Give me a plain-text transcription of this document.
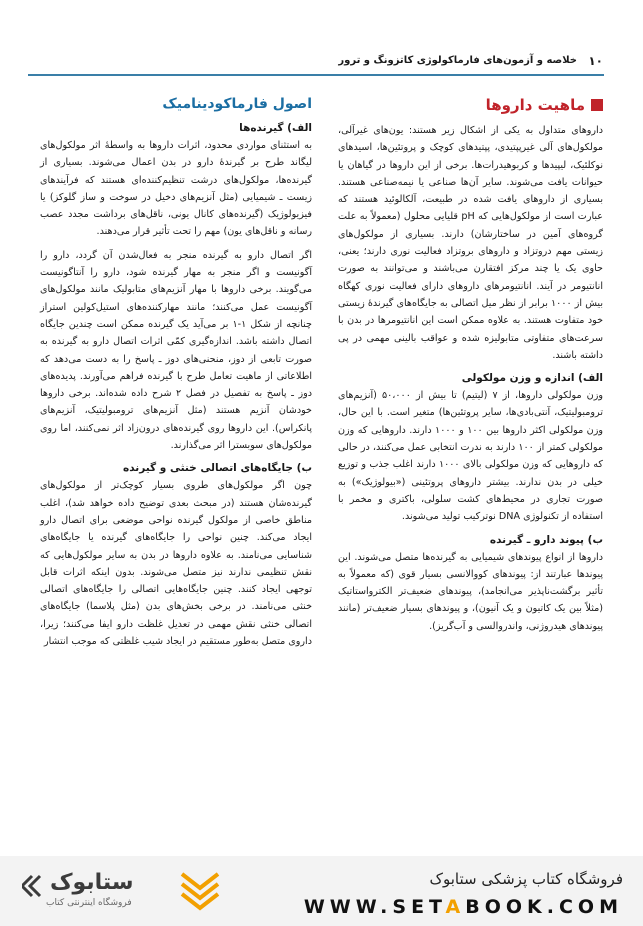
۱۰
خلاصه و آزمون‌های فارماکولوژی کاتزونگ و ترور
ماهیت داروها

داروهای متداول به یکی از اشکال زیر هستند: یون‌های غیرآلی، مولکول‌های آلی غیرپپتیدی، پپتیدهای کوچک و پروتئین‌ها، اسیدهای نوکلئیک، لیپیدها و کربوهیدرات‌ها. برخی از این داروها در گیاهان یا حیوانات یافت می‌شوند. سایر آن‌ها صناعی یا نیمه‌صناعی هستند. بسیاری از داروهای یافت شده در طبیعت، آلکالوئید هستند که عبارت است از مولکول‌هایی که pH قلیایی محلول (معمولاً به علت گروه‌های آمین در ساختارشان) دارند. بسیاری از مولکول‌های زیستی مهم دروتزاد و داروهای بروتزاد فعالیت نوری دارند؛ یعنی، حاوی یک یا چند مرکز افتقارن می‌باشند و می‌توانند به صورت انانتیومر در آیند. انانتیومرهای داروهای دارای فعالیت نوری کهگاه بیش از ۱۰۰۰ برابر از نظر میل اتصالی به جایگاه‌های گیرندهٔ زیستی خود متفاوت هستند. به علاوه ممکن است این انانتیومرها در بدن با سرعت‌های متفاوتی متابولیزه شده و عواقب بالینی مهمی در پی داشته باشند.

الف) اندازه و وزن مولکولی

وزن مولکولی داروها، از ۷ (لیتیم) تا بیش از ۵۰،۰۰۰ (آنزیم‌های ترومبولیتیک، آنتی‌بادی‌ها، سایر پروتئین‌ها) متغیر است. با این حال، وزن مولکولی اکثر داروها بین ۱۰۰ و ۱۰۰۰ دارند. داروهایی که وزن مولکولی کمتر از ۱۰۰ دارند به ندرت انتخابی عمل می‌کنند، در حالی که داروهایی که وزن مولکولی بالای ۱۰۰۰ دارند اغلب جذب و توزیع خیلی در بدن ندارند. بیشتر داروهای پروتئینی («بیولوژیک») به صورت تجاری در محیط‌های کشت سلولی، باکتری و مخمر با استفاده از تکنولوژی DNA نوترکیب تولید می‌شوند.

ب) پیوند دارو ـ گیرنده

داروها از انواع پیوندهای شیمیایی به گیرنده‌ها متصل می‌شوند. این پیوندها عبارتند از: پیوندهای کووالانسی بسیار قوی (که معمولاً به تأثیر برگشت‌ناپذیر می‌انجامد)، پیوندهای ضعیف‌تر الکترواستاتیک (مثلاً بین یک کاتیون و یک آنیون)، و پیوندهای بسیار ضعیف‌تر (مانند پیوندهای هیدروژنی، واندروالسی و آب‌گریز).

اصول فارماکودینامیک
الف) گیرنده‌ها

به استثنای مواردی محدود، اثرات داروها به واسطهٔ اثر مولکول‌های لیگاند طرح بر گیرندهٔ دارو در بدن اعمال می‌شوند. بسیاری از گیرنده‌ها، مولکول‌های درشت تنظیم‌کننده‌ای هستند که فرآیندهای زیست ـ شیمیایی (مثل آنزیم‌های دخیل در سوخت و ساز گلوکز) یا فیزیولوژیک (گیرنده‌های کانال یونی، ناقل‌های برداشت مجدد عصب رسانه و ناقل‌های یون) مهم را تحت تأثیر قرار می‌دهند.

اگر اتصال دارو به گیرنده منجر به فعال‌شدن آن گردد، دارو را آگونیست و اگر منجر به مهار گیرنده شود، دارو را آنتاگونیست می‌گویند. برخی داروها با مهار آنزیم‌های متابولیک مانند مولکول‌های آگونیست عمل می‌کنند؛ مانند مهارکننده‌های استیل‌کولین استراز چنانچه از شکل ۱-۱ بر می‌آید یک گیرنده ممکن است چندین جایگاه اتصال داشته باشد. اندازه‌گیری کمّی اثرات اتصال دارو به گیرنده به صورت تابعی از دوز، منحنی‌های دوز ـ پاسخ را به دست می‌دهد که اطلاعاتی از ماهیت تعامل طرح با گیرنده فراهم می‌آورند. پدیده‌های دوز ـ پاسخ به تفصیل در فصل ۲ شرح داده شده‌اند. برخی داروها خودشان آنزیم هستند (مثل آنزیم‌های ترومبولیتیک، آنزیم‌های پانکراس). این داروها روی گیرنده‌های درون‌زاد اثر نمی‌کنند، اما روی مولکول‌های سوبسترا اثر می‌گذارند.

ب) جایگاه‌های اتصالی خنثی و گیرنده

چون اگر مولکول‌های طروی بسیار کوچک‌تر از مولکول‌های گیرنده‌شان هستند (در مبحث بعدی توضیح داده خواهد شد)، اغلب مناطق خاصی از مولکول گیرنده نواحی موضعی برای اتصال دارو ایجاد می‌کند. چنین نواحی را جایگاه‌های گیرنده یا جایگاه‌های شناسایی می‌نامند. به علاوه داروها در بدن به سایر مولکول‌هایی که نقش تنظیمی ندارند نیز متصل می‌شوند. بدون اینکه اثرات قابل توجهی ایجاد کنند. چنین جایگاه‌هایی اتصالی را جایگاه‌های اتصالی خنثی می‌نامند. در برخی بخش‌های بدن (مثل پلاسما) جایگاه‌های اتصالی خنثی نقش مهمی در تعدیل غلظت دارو ایفا می‌کنند؛ زیرا، داروی متصل به‌طور مستقیم در ایجاد شیب غلظتی که موجب انتشار

ستابوک
فروشگاه اینترنتی کتاب
فروشگاه کتاب پزشکی ستابوک
WWW.SETABOOK.COM
